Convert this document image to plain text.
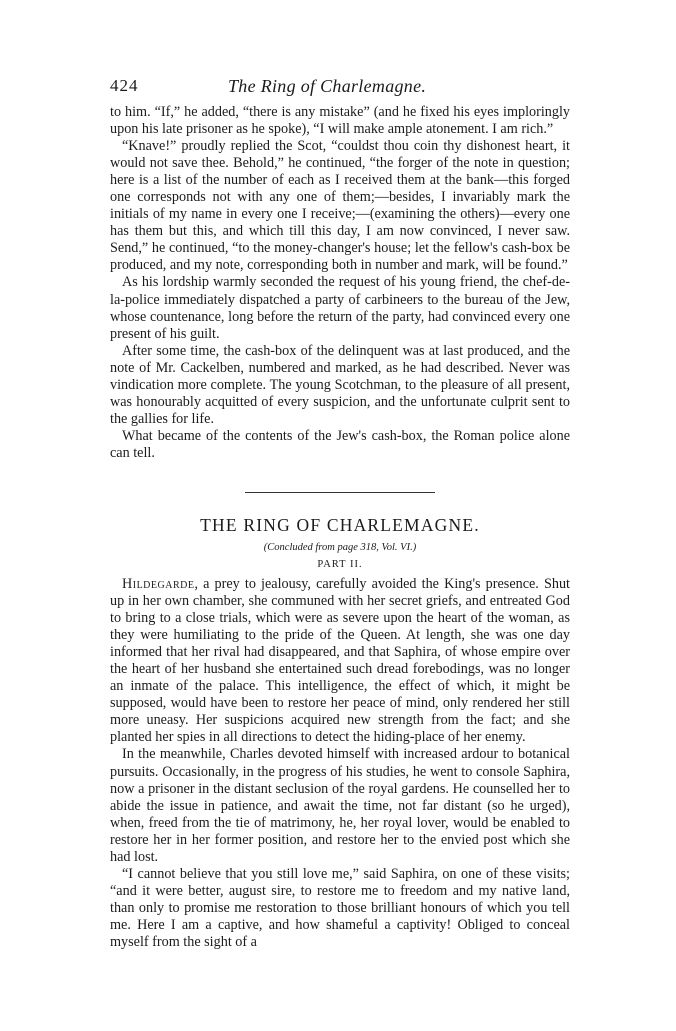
424	The Ring of Charlemagne.

to him. “If,” he added, “there is any mistake” (and he fixed his eyes imploringly upon his late prisoner as he spoke), “I will make ample atonement. I am rich.”

“Knave!” proudly replied the Scot, “couldst thou coin thy dishonest heart, it would not save thee. Behold,” he continued, “the forger of the note in question; here is a list of the number of each as I received them at the bank—this forged one corresponds not with any one of them;—besides, I invariably mark the initials of my name in every one I receive;—(examining the others)—every one has them but this, and which till this day, I am now convinced, I never saw. Send,” he continued, “to the money-changer's house; let the fellow's cash-box be produced, and my note, corresponding both in number and mark, will be found.”

As his lordship warmly seconded the request of his young friend, the chef-de-la-police immediately dispatched a party of carbineers to the bureau of the Jew, whose countenance, long before the return of the party, had convinced every one present of his guilt.

After some time, the cash-box of the delinquent was at last produced, and the note of Mr. Cackelben, numbered and marked, as he had described. Never was vindication more complete. The young Scotchman, to the pleasure of all present, was honourably acquitted of every suspicion, and the unfortunate culprit sent to the gallies for life.

What became of the contents of the Jew's cash-box, the Roman police alone can tell.

THE RING OF CHARLEMAGNE.
(Concluded from page 318, Vol. VI.)
PART II.

Hildegarde, a prey to jealousy, carefully avoided the King's presence. Shut up in her own chamber, she communed with her secret griefs, and entreated God to bring to a close trials, which were as severe upon the heart of the woman, as they were humiliating to the pride of the Queen. At length, she was one day informed that her rival had disappeared, and that Saphira, of whose empire over the heart of her husband she entertained such dread forebodings, was no longer an inmate of the palace. This intelligence, the effect of which, it might be supposed, would have been to restore her peace of mind, only rendered her still more uneasy. Her suspicions acquired new strength from the fact; and she planted her spies in all directions to detect the hiding-place of her enemy.

In the meanwhile, Charles devoted himself with increased ardour to botanical pursuits. Occasionally, in the progress of his studies, he went to console Saphira, now a prisoner in the distant seclusion of the royal gardens. He counselled her to abide the issue in patience, and await the time, not far distant (so he urged), when, freed from the tie of matrimony, he, her royal lover, would be enabled to restore her in her former position, and restore her to the envied post which she had lost.

“I cannot believe that you still love me,” said Saphira, on one of these visits; “and it were better, august sire, to restore me to freedom and my native land, than only to promise me restoration to those brilliant honours of which you tell me. Here I am a captive, and how shameful a captivity! Obliged to conceal myself from the sight of a
